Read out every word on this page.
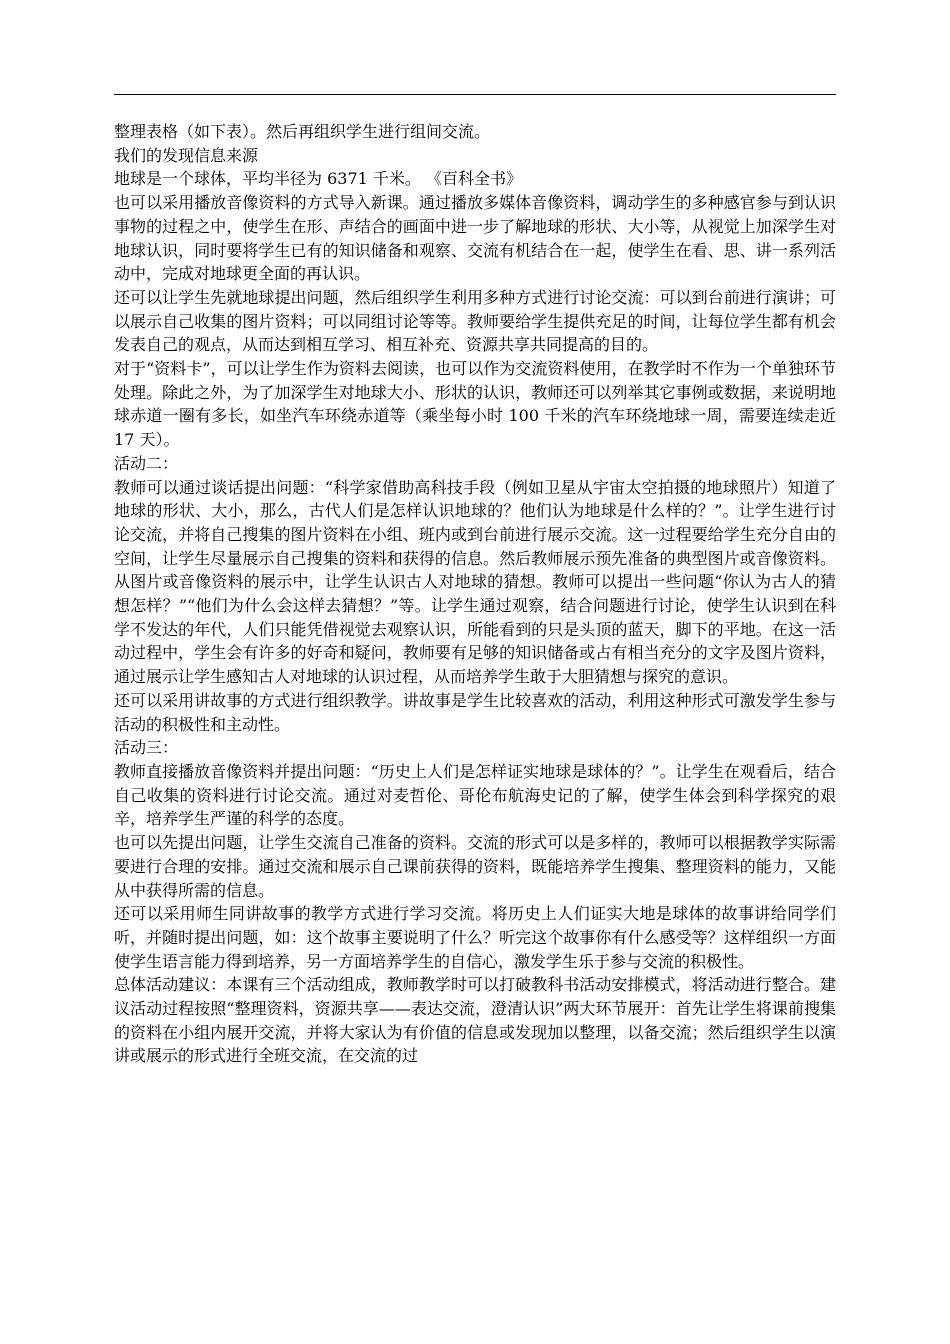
整理表格（如下表）。然后再组织学生进行组间交流。

我们的发现信息来源

地球是一个球体，平均半径为 6371 千米。 《百科全书》

也可以采用播放音像资料的方式导入新课。通过播放多媒体音像资料，调动学生的多种感官参与到认识事物的过程之中，使学生在形、声结合的画面中进一步了解地球的形状、大小等，从视觉上加深学生对地球认识，同时要将学生已有的知识储备和观察、交流有机结合在一起，使学生在看、思、讲一系列活动中，完成对地球更全面的再认识。

还可以让学生先就地球提出问题，然后组织学生利用多种方式进行讨论交流：可以到台前进行演讲；可以展示自己收集的图片资料；可以同组讨论等等。教师要给学生提供充足的时间，让每位学生都有机会发表自己的观点，从而达到相互学习、相互补充、资源共享共同提高的目的。

对于“资料卡”，可以让学生作为资料去阅读，也可以作为交流资料使用，在教学时不作为一个单独环节处理。除此之外，为了加深学生对地球大小、形状的认识，教师还可以列举其它事例或数据，来说明地球赤道一圈有多长，如坐汽车环绕赤道等（乘坐每小时 100 千米的汽车环绕地球一周，需要连续走近 17 天）。

活动二：

教师可以通过谈话提出问题：“科学家借助高科技手段（例如卫星从宇宙太空拍摄的地球照片）知道了地球的形状、大小，那么，古代人们是怎样认识地球的？他们认为地球是什么样的？”。让学生进行讨论交流，并将自己搜集的图片资料在小组、班内或到台前进行展示交流。这一过程要给学生充分自由的空间，让学生尽量展示自己搜集的资料和获得的信息。然后教师展示预先准备的典型图片或音像资料。从图片或音像资料的展示中，让学生认识古人对地球的猜想。教师可以提出一些问题“你认为古人的猜想怎样？”“他们为什么会这样去猜想？”等。让学生通过观察，结合问题进行讨论，使学生认识到在科学不发达的年代，人们只能凭借视觉去观察认识，所能看到的只是头顶的蓝天，脚下的平地。在这一活动过程中，学生会有许多的好奇和疑问，教师要有足够的知识储备或占有相当充分的文字及图片资料，通过展示让学生感知古人对地球的认识过程，从而培养学生敢于大胆猜想与探究的意识。

还可以采用讲故事的方式进行组织教学。讲故事是学生比较喜欢的活动，利用这种形式可激发学生参与活动的积极性和主动性。

活动三：

教师直接播放音像资料并提出问题：“历史上人们是怎样证实地球是球体的？”。让学生在观看后，结合自己收集的资料进行讨论交流。通过对麦哲伦、哥伦布航海史记的了解，使学生体会到科学探究的艰辛，培养学生严谨的科学的态度。

也可以先提出问题，让学生交流自己准备的资料。交流的形式可以是多样的，教师可以根据教学实际需要进行合理的安排。通过交流和展示自己课前获得的资料，既能培养学生搜集、整理资料的能力，又能从中获得所需的信息。

还可以采用师生同讲故事的教学方式进行学习交流。将历史上人们证实大地是球体的故事讲给同学们听，并随时提出问题，如：这个故事主要说明了什么？听完这个故事你有什么感受等？这样组织一方面使学生语言能力得到培养，另一方面培养学生的自信心，激发学生乐于参与交流的积极性。

总体活动建议：本课有三个活动组成，教师教学时可以打破教科书活动安排模式，将活动进行整合。建议活动过程按照“整理资料，资源共享——表达交流，澄清认识”两大环节展开：首先让学生将课前搜集的资料在小组内展开交流，并将大家认为有价值的信息或发现加以整理，以备交流；然后组织学生以演讲或展示的形式进行全班交流，在交流的过
